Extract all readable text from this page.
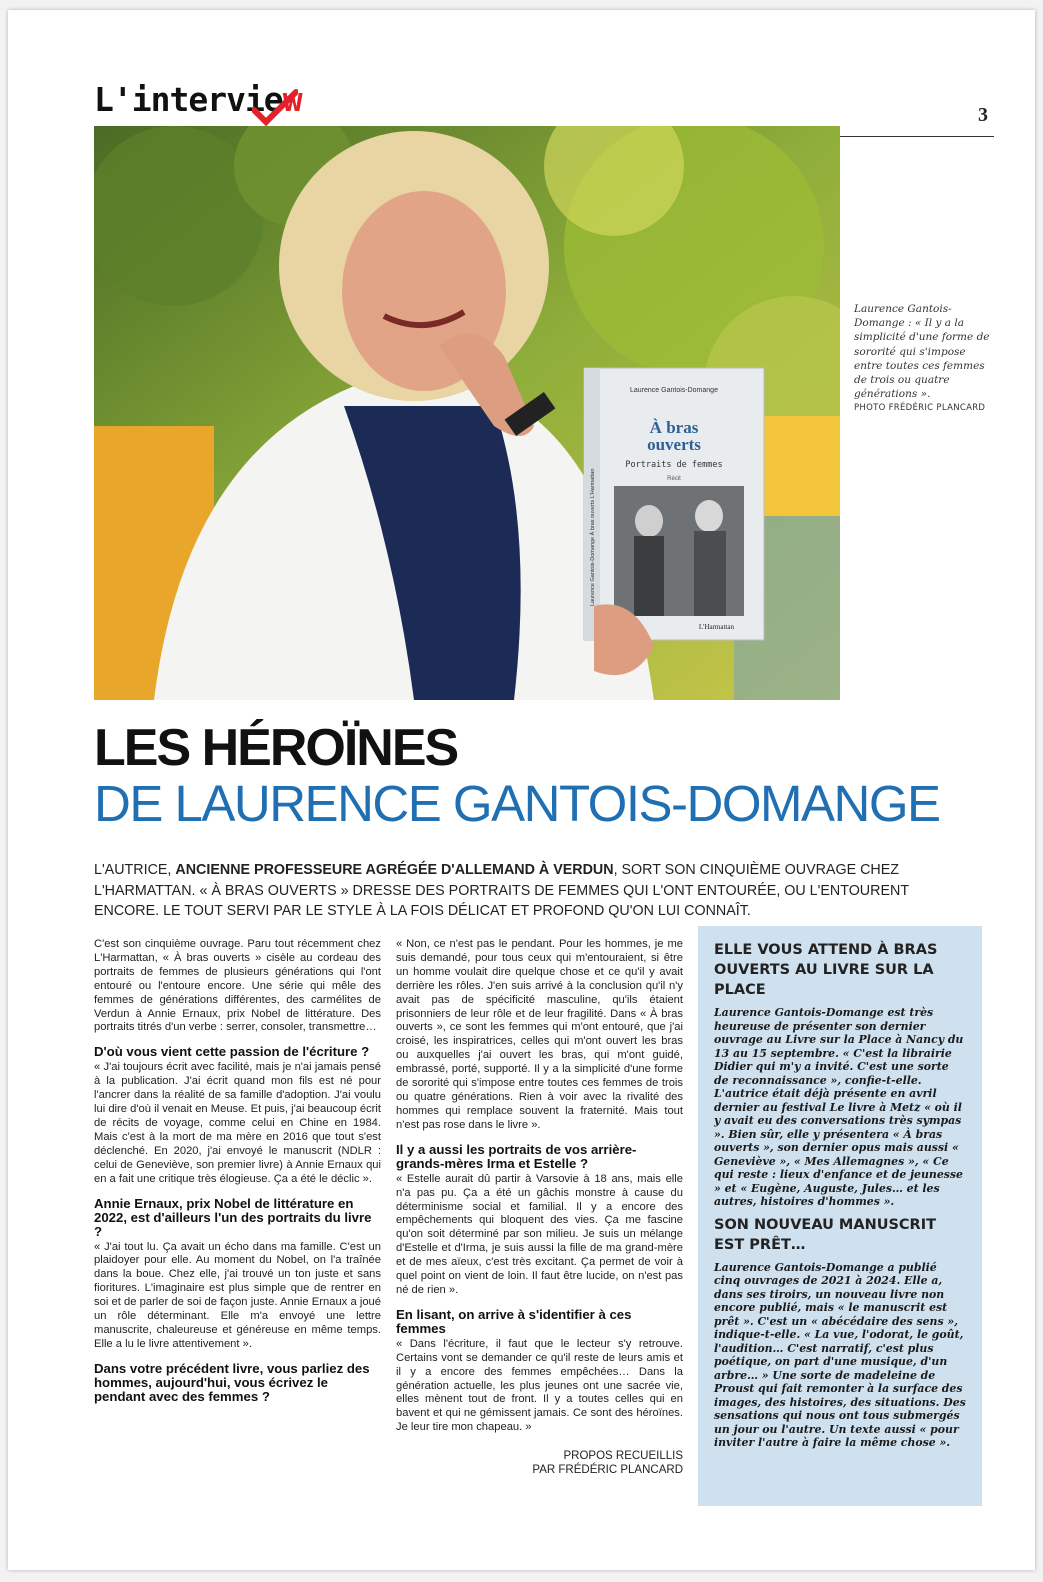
L'interview	3
Laurence Gantois-Domange
À bras
ouverts
Portraits de femmes
Récit
L'Harmattan
Laurence Gantois-Domange À bras ouverts L'Harmattan
Laurence Gantois-Domange : « Il y a la simplicité d'une forme de sororité qui s'impose entre toutes ces femmes de trois ou quatre générations ».
PHOTO FRÉDÉRIC PLANCARD
LES HÉROÏNES
DE LAURENCE GANTOIS-DOMANGE
L'AUTRICE, ANCIENNE PROFESSEURE AGRÉGÉE D'ALLEMAND À VERDUN, SORT SON CINQUIÈME OUVRAGE CHEZ L'HARMATTAN. « À BRAS OUVERTS » DRESSE DES PORTRAITS DE FEMMES QUI L'ONT ENTOURÉE, OU L'ENTOURENT ENCORE. LE TOUT SERVI PAR LE STYLE À LA FOIS DÉLICAT ET PROFOND QU'ON LUI CONNAÎT.

C'est son cinquième ouvrage. Paru tout récemment chez L'Harmattan, « À bras ouverts » cisèle au cordeau des portraits de femmes de plusieurs générations qui l'ont entouré ou l'entoure encore. Une série qui mêle des femmes de générations différentes, des carmélites de Verdun à Annie Ernaux, prix Nobel de littérature. Des portraits titrés d'un verbe : serrer, consoler, transmettre…

D'où vous vient cette passion de l'écriture ?

« J'ai toujours écrit avec facilité, mais je n'ai jamais pensé à la publication. J'ai écrit quand mon fils est né pour l'ancrer dans la réalité de sa famille d'adoption. J'ai voulu lui dire d'où il venait en Meuse. Et puis, j'ai beaucoup écrit de récits de voyage, comme celui en Chine en 1984. Mais c'est à la mort de ma mère en 2016 que tout s'est déclenché. En 2020, j'ai envoyé le manuscrit (NDLR : celui de Geneviève, son premier livre) à Annie Ernaux qui en a fait une critique très élogieuse. Ça a été le déclic ».

Annie Ernaux, prix Nobel de littérature en 2022, est d'ailleurs l'un des portraits du livre ?

« J'ai tout lu. Ça avait un écho dans ma famille. C'est un plaidoyer pour elle. Au moment du Nobel, on l'a traînée dans la boue. Chez elle, j'ai trouvé un ton juste et sans fioritures. L'imaginaire est plus simple que de rentrer en soi et de parler de soi de façon juste. Annie Ernaux a joué un rôle déterminant. Elle m'a envoyé une lettre manuscrite, chaleureuse et généreuse en même temps. Elle a lu le livre attentivement ».

Dans votre précédent livre, vous parliez des hommes, aujourd'hui, vous écrivez le pendant avec des femmes ?

« Non, ce n'est pas le pendant. Pour les hommes, je me suis demandé, pour tous ceux qui m'entouraient, si être un homme voulait dire quelque chose et ce qu'il y avait derrière les rôles. J'en suis arrivé à la conclusion qu'il n'y avait pas de spécificité masculine, qu'ils étaient prisonniers de leur rôle et de leur fragilité. Dans « À bras ouverts », ce sont les femmes qui m'ont entouré, que j'ai croisé, les inspiratrices, celles qui m'ont ouvert les bras ou auxquelles j'ai ouvert les bras, qui m'ont guidé, embrassé, porté, supporté. Il y a la simplicité d'une forme de sororité qui s'impose entre toutes ces femmes de trois ou quatre générations. Rien à voir avec la rivalité des hommes qui remplace souvent la fraternité. Mais tout n'est pas rose dans le livre ».

Il y a aussi les portraits de vos arrière-grands-mères Irma et Estelle ?

« Estelle aurait dû partir à Varsovie à 18 ans, mais elle n'a pas pu. Ça a été un gâchis monstre à cause du déterminisme social et familial. Il y a encore des empêchements qui bloquent des vies. Ça me fascine qu'on soit déterminé par son milieu. Je suis un mélange d'Estelle et d'Irma, je suis aussi la fille de ma grand-mère et de mes aïeux, c'est très excitant. Ça permet de voir à quel point on vient de loin. Il faut être lucide, on n'est pas né de rien ».

En lisant, on arrive à s'identifier à ces femmes

« Dans l'écriture, il faut que le lecteur s'y retrouve. Certains vont se demander ce qu'il reste de leurs amis et il y a encore des femmes empêchées… Dans la génération actuelle, les plus jeunes ont une sacrée vie, elles mènent tout de front. Il y a toutes celles qui en bavent et qui ne gémissent jamais. Ce sont des héroïnes. Je leur tire mon chapeau. »

PROPOS RECUEILLIS
PAR FRÉDÉRIC PLANCARD
ELLE VOUS ATTEND À BRAS OUVERTS AU LIVRE SUR LA PLACE

Laurence Gantois-Domange est très heureuse de présenter son dernier ouvrage au Livre sur la Place à Nancy du 13 au 15 septembre. « C'est la librairie Didier qui m'y a invité. C'est une sorte de reconnaissance », confie-t-elle. L'autrice était déjà présente en avril dernier au festival Le livre à Metz « où il y avait eu des conversations très sympas ». Bien sûr, elle y présentera « À bras ouverts », son dernier opus mais aussi « Geneviève », « Mes Allemagnes », « Ce qui reste : lieux d'enfance et de jeunesse » et « Eugène, Auguste, Jules… et les autres, histoires d'hommes ».

SON NOUVEAU MANUSCRIT EST PRÊT…

Laurence Gantois-Domange a publié cinq ouvrages de 2021 à 2024. Elle a, dans ses tiroirs, un nouveau livre non encore publié, mais « le manuscrit est prêt ». C'est un « abécédaire des sens », indique-t-elle. « La vue, l'odorat, le goût, l'audition… C'est narratif, c'est plus poétique, on part d'une musique, d'un arbre… » Une sorte de madeleine de Proust qui fait remonter à la surface des images, des histoires, des situations. Des sensations qui nous ont tous submergés un jour ou l'autre. Un texte aussi « pour inviter l'autre à faire la même chose ».
